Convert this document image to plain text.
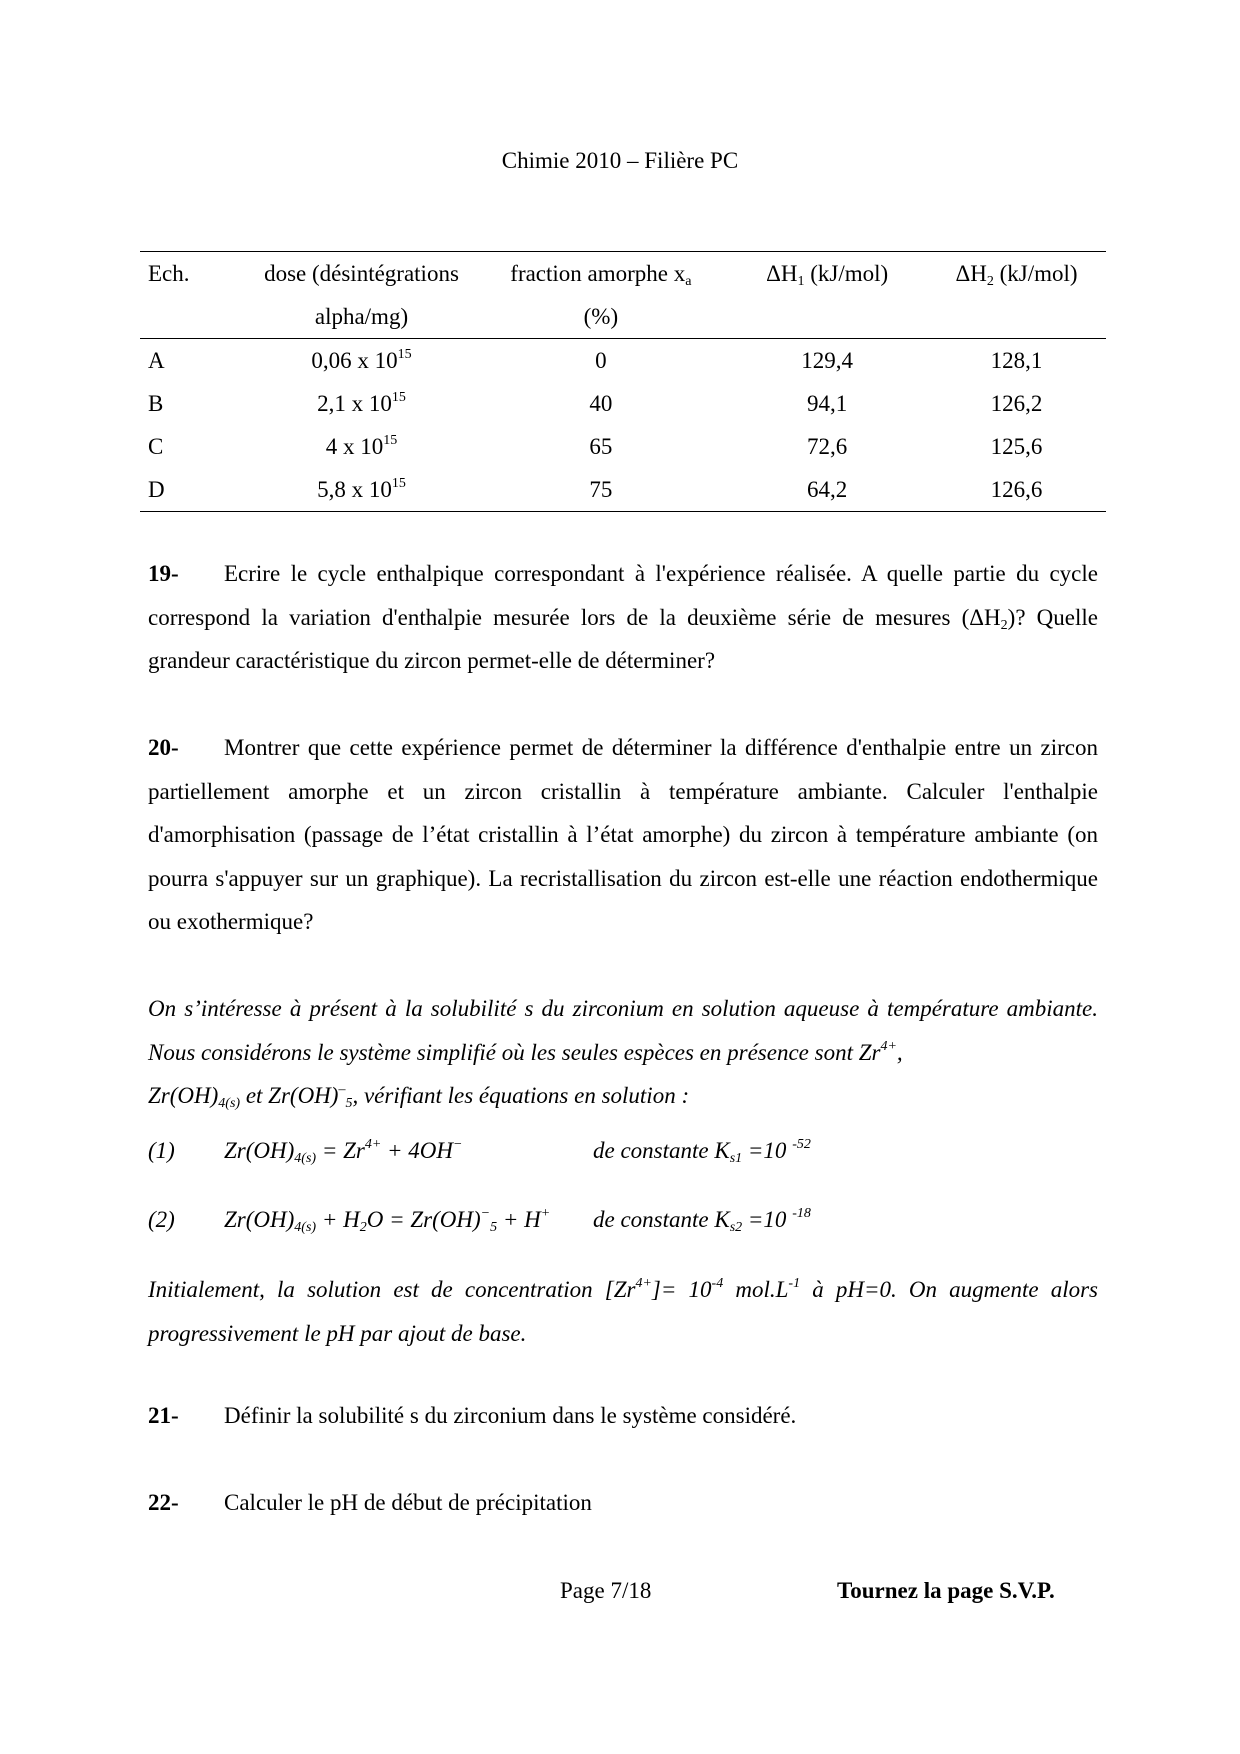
Chimie 2010 – Filière PC
Ech.	dose (désintégrations	fraction amorphe $x_a$	$\Delta H_1$ (kJ/mol)	$\Delta H_2$ (kJ/mol)
	alpha/mg)	(%)		
A	0,06 x $10^{15}$	0	129,4	128,1
B	2,1 x $10^{15}$	40	94,1	126,2
C	4 x $10^{15}$	65	72,6	125,6
D	5,8 x $10^{15}$	75	64,2	126,6
19- Ecrire le cycle enthalpique correspondant à l'expérience réalisée. A quelle partie du cycle correspond la variation d'enthalpie mesurée lors de la deuxième série de mesures $(\Delta H_2)$? Quelle grandeur caractéristique du zircon permet-elle de déterminer?
20- Montrer que cette expérience permet de déterminer la différence d'enthalpie entre un zircon partiellement amorphe et un zircon cristallin à température ambiante. Calculer l'enthalpie d'amorphisation (passage de l’état cristallin à l’état amorphe) du zircon à température ambiante (on pourra s'appuyer sur un graphique). La recristallisation du zircon est-elle une réaction endothermique ou exothermique?
On s’intéresse à présent à la solubilité s du zirconium en solution aqueuse à température ambiante. Nous considérons le système simplifié où les seules espèces en présence sont $Zr^{4+}$,
$Zr(OH)_{4(s)}$ et $Zr(OH)^-_5$, vérifiant les équations en solution :
(1) $Zr(OH)_{4(s)} = Zr^{4+} + 4OH^-$	de constante $K_{s1} =10$ $^{-52}$
(2) $Zr(OH)_{4(s)} + H_2O = Zr(OH)^-_5 + H^+$ de constante $K_{s2} =10$ $^{-18}$
Initialement, la solution est de concentration $[Zr^{4+}]= 10^{-4}$ $mol.L^{-1}$ à pH=0. On augmente alors progressivement le pH par ajout de base.
21- Définir la solubilité s du zirconium dans le système considéré.
22- Calculer le pH de début de précipitation
Page 7/18	Tournez la page S.V.P.
